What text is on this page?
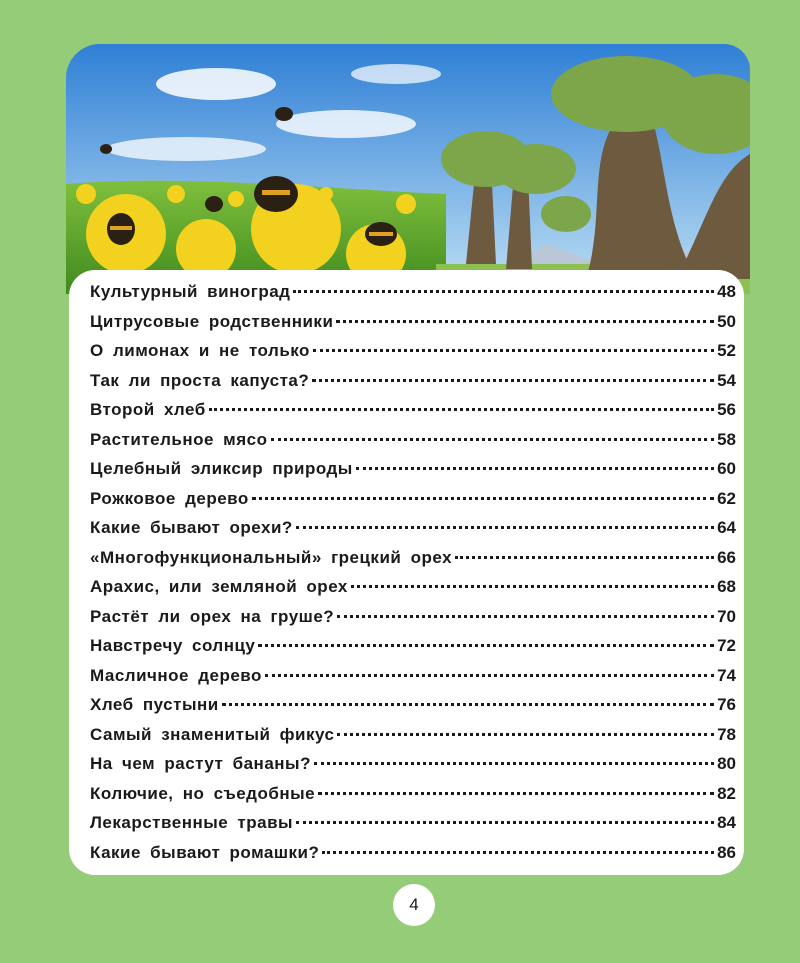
Культурный виноград	48
Цитрусовые родственники	50
О лимонах и не только	52
Так ли проста капуста?	54
Второй хлеб	56
Растительное мясо	58
Целебный эликсир природы	60
Рожковое дерево	62
Какие бывают орехи?	64
«Многофункциональный» грецкий орех	66
Арахис, или земляной орех	68
Растёт ли орех на груше?	70
Навстречу солнцу	72
Масличное дерево	74
Хлеб пустыни	76
Самый знаменитый фикус	78
На чем растут бананы?	80
Колючие, но съедобные	82
Лекарственные травы	84
Какие бывают ромашки?	86
4
